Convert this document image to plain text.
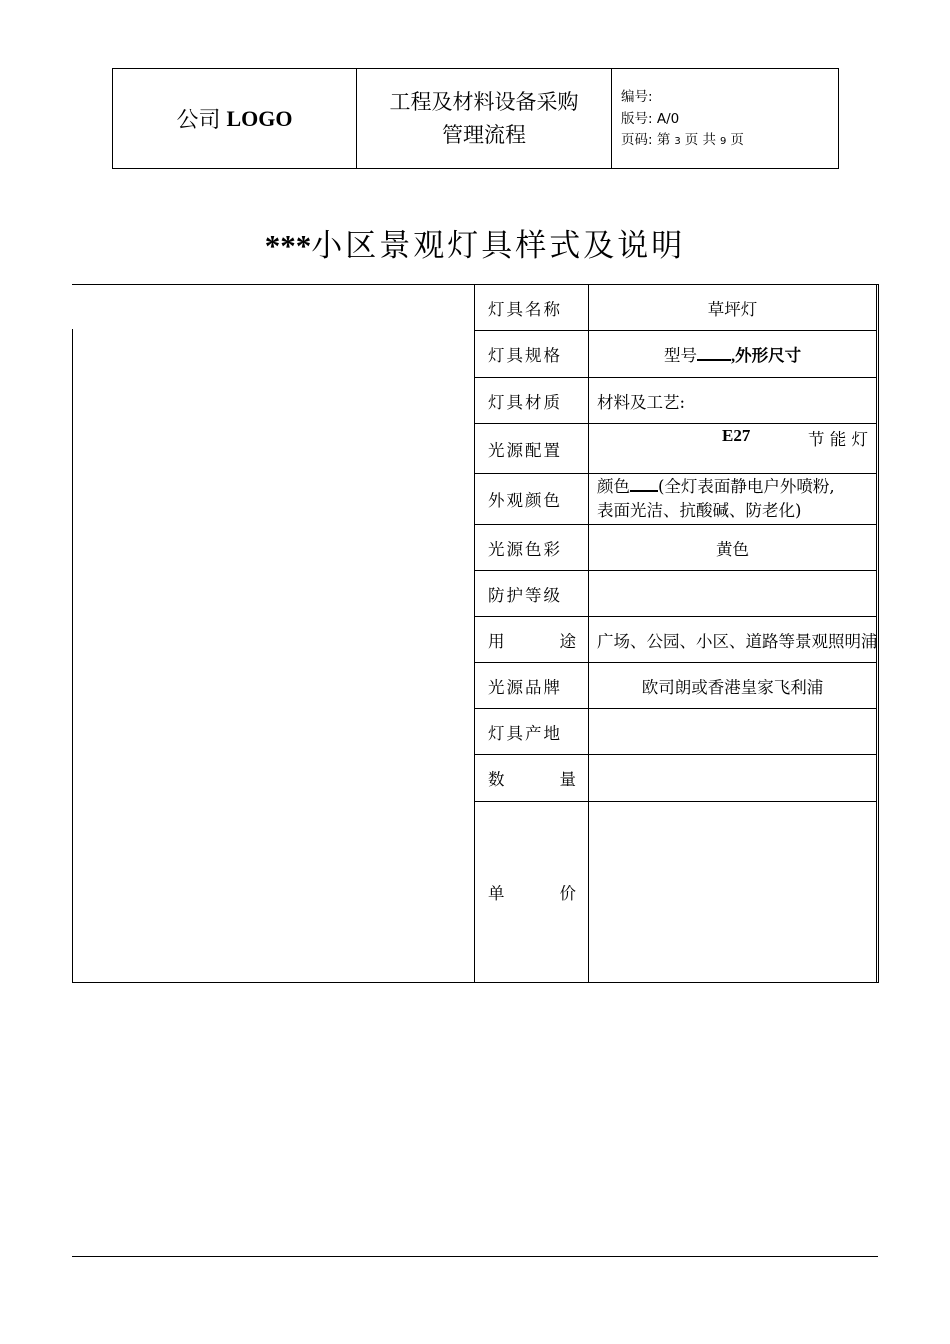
公司 LOGO
工程及材料设备采购
管理流程
编号:
版号: A/0
页码: 第 3 页 共 9 页
***小区景观灯具样式及说明
灯具名称	草坪灯
灯具规格	型号 ,外形尺寸
灯具材质	材料及工艺:
光源配置	E27 节 能 灯

外观颜色	颜色 (全灯表面静电户外喷粉,
表面光洁、抗酸碱、防老化)

光源色彩	黄色
防护等级	

用 途	广场、公园、小区、道路等景观照明浦
光源品牌	欧司朗或香港皇家飞利浦
灯具产地	

数 量	

单 价	
